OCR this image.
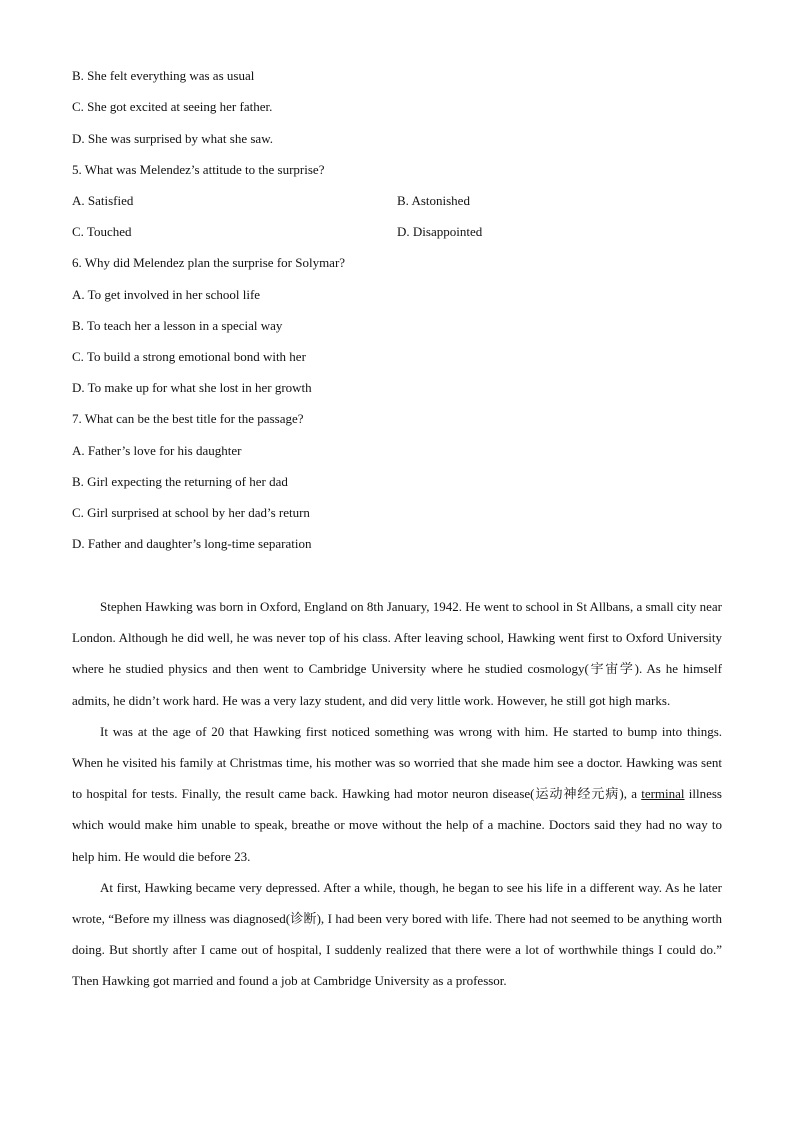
B. She felt everything was as usual
C. She got excited at seeing her father.
D. She was surprised by what she saw.
5. What was Melendez’s attitude to the surprise?
A. Satisfied	B. Astonished
C. Touched	D. Disappointed
6. Why did Melendez plan the surprise for Solymar?
A. To get involved in her school life
B. To teach her a lesson in a special way
C. To build a strong emotional bond with her
D. To make up for what she lost in her growth
7. What can be the best title for the passage?
A. Father’s love for his daughter
B. Girl expecting the returning of her dad
C. Girl surprised at school by her dad’s return
D. Father and daughter’s long-time separation

Stephen Hawking was born in Oxford, England on 8th January, 1942. He went to school in St Allbans, a small city near London. Although he did well, he was never top of his class. After leaving school, Hawking went first to Oxford University where he studied physics and then went to Cambridge University where he studied cosmology(宇宙学). As he himself admits, he didn’t work hard. He was a very lazy student, and did very little work. However, he still got high marks.

It was at the age of 20 that Hawking first noticed something was wrong with him. He started to bump into things. When he visited his family at Christmas time, his mother was so worried that she made him see a doctor. Hawking was sent to hospital for tests. Finally, the result came back. Hawking had motor neuron disease(运动神经元病), a terminal illness which would make him unable to speak, breathe or move without the help of a machine. Doctors said they had no way to help him. He would die before 23.

At first, Hawking became very depressed. After a while, though, he began to see his life in a different way. As he later wrote, “Before my illness was diagnosed(诊断), I had been very bored with life. There had not seemed to be anything worth doing. But shortly after I came out of hospital, I suddenly realized that there were a lot of worthwhile things I could do.” Then Hawking got married and found a job at Cambridge University as a professor.
